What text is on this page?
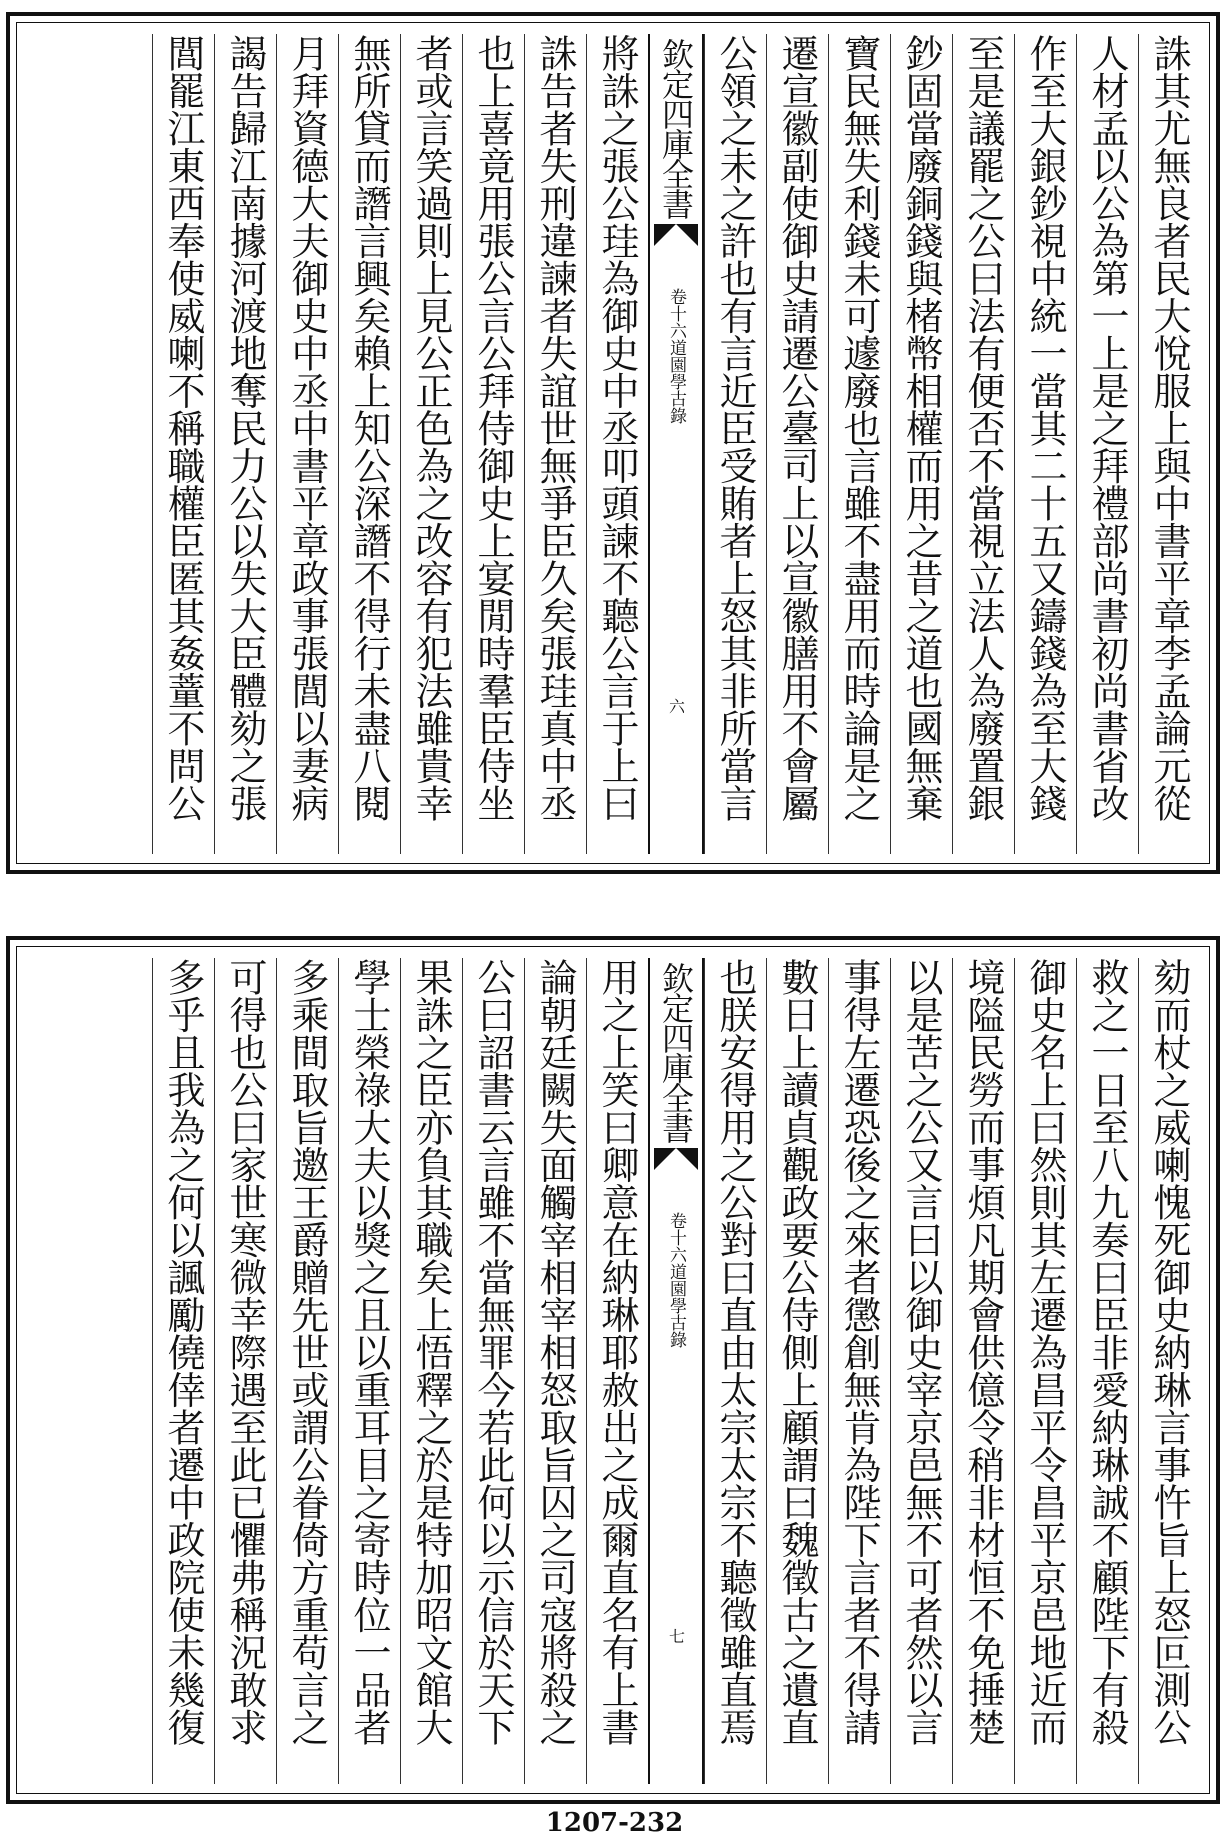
誅其尤無良者民大悅服上與中書平章李孟論元從
人材孟以公為第一上是之拜禮部尚書初尚書省改
作至大銀鈔視中統一當其二十五又鑄錢為至大錢
至是議罷之公曰法有便否不當視立法人為廢置銀
鈔固當廢銅錢與楮幣相權而用之昔之道也國無棄
寶民無失利錢未可遽廢也言雖不盡用而時論是之
遷宣徽副使御史請遷公臺司上以宣徽膳用不會屬
公領之未之許也有言近臣受賄者上怒其非所當言
欽定四庫全書
道園學古錄
卷十六
六
將誅之張公珪為御史中丞叩頭諫不聽公言于上曰
誅告者失刑違諫者失誼世無爭臣久矣張珪真中丞
也上喜竟用張公言公拜侍御史上宴閒時羣臣侍坐
者或言笑過則上見公正色為之改容有犯法雖貴幸
無所貸而譖言興矣賴上知公深譖不得行未盡八閱
月拜資德大夫御史中丞中書平章政事張閭以妻病
謁告歸江南據河渡地奪民力公以失大臣體劾之張
閭罷江東西奉使威喇不稱職權臣匿其姦蕫不問公
劾而杖之威喇愧死御史納琳言事忤旨上怒叵測公
救之一日至八九奏曰臣非愛納琳誠不顧陛下有殺
御史名上曰然則其左遷為昌平令昌平京邑地近而
境隘民勞而事煩凡期會供億令稍非材恒不免捶楚
以是苦之公又言曰以御史宰京邑無不可者然以言
事得左遷恐後之來者懲創無肯為陛下言者不得請
數日上讀貞觀政要公侍側上顧謂曰魏徵古之遺直
也朕安得用之公對曰直由太宗太宗不聽徵雖直焉
欽定四庫全書
道園學古錄
卷十六
七
用之上笑曰卿意在納琳耶赦出之成爾直名有上書
論朝廷闕失面觸宰相宰相怒取旨囚之司寇將殺之
公曰詔書云言雖不當無罪今若此何以示信於天下
果誅之臣亦負其職矣上悟釋之於是特加昭文館大
學士榮祿大夫以獎之且以重耳目之寄時位一品者
多乘間取旨邀王爵贈先世或謂公眷倚方重苟言之
可得也公曰家世寒微幸際遇至此已懼弗稱況敢求
多乎且我為之何以諷勵僥倖者遷中政院使未幾復
1207-232
